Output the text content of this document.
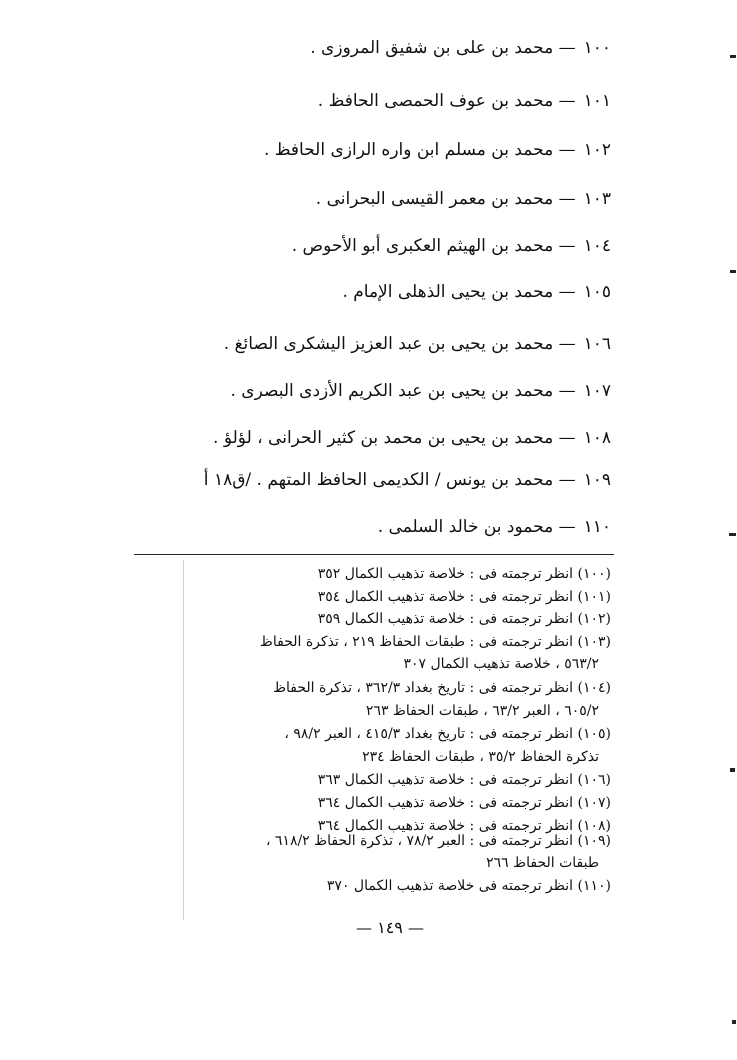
١٠٠— محمد بن على بن شفيق المروزى .
١٠١— محمد بن عوف الحمصى الحافظ .
١٠٢— محمد بن مسلم ابن واره الرازى الحافظ .
١٠٣— محمد بن معمر القيسى البحرانى .
١٠٤— محمد بن الهيثم العكبرى أبو الأحوص .
١٠٥— محمد بن يحيى الذهلى الإمام .
١٠٦— محمد بن يحيى بن عبد العزيز اليشكرى الصائغ .
١٠٧— محمد بن يحيى بن عبد الكريم الأزدى البصرى .
١٠٨— محمد بن يحيى بن محمد بن كثير الحرانى ، لؤلؤ .
١٠٩— محمد بن يونس / الكديمى الحافظ المتهم . /ق١٨ أ
١١٠— محمود بن خالد السلمى .
(١٠٠) انظر ترجمته فى : خلاصة تذهيب الكمال ٣٥٢
(١٠١) انظر ترجمته فى : خلاصة تذهيب الكمال ٣٥٤
(١٠٢) انظر ترجمته فى : خلاصة تذهيب الكمال ٣٥٩
(١٠٣) انظر ترجمته فى : طبقات الحفاظ ٢١٩ ، تذكرة الحفاظ
٥٦٣/٢ ، خلاصة تذهيب الكمال ٣٠٧
(١٠٤) انظر ترجمته فى : تاريخ بغداد ٣٦٢/٣ ، تذكرة الحفاظ
٦٠٥/٢ ، العبر ٦٣/٢ ، طبقات الحفاظ ٢٦٣
(١٠٥) انظر ترجمته فى : تاريخ بغداد ٤١٥/٣ ، العبر ٩٨/٢ ،
تذكرة الحفاظ ٣٥/٢ ، طبقات الحفاظ ٢٣٤
(١٠٦) انظر ترجمته فى : خلاصة تذهيب الكمال ٣٦٣
(١٠٧) انظر ترجمته فى : خلاصة تذهيب الكمال ٣٦٤
(١٠٨) انظر ترجمته فى : خلاصة تذهيب الكمال ٣٦٤
(١٠٩) انظر ترجمته فى : العبر ٧٨/٢ ، تذكرة الحفاظ ٦١٨/٢ ،
طبقات الحفاظ ٢٦٦
(١١٠) انظر ترجمته فى خلاصة تذهيب الكمال ٣٧٠
— ١٤٩ —
